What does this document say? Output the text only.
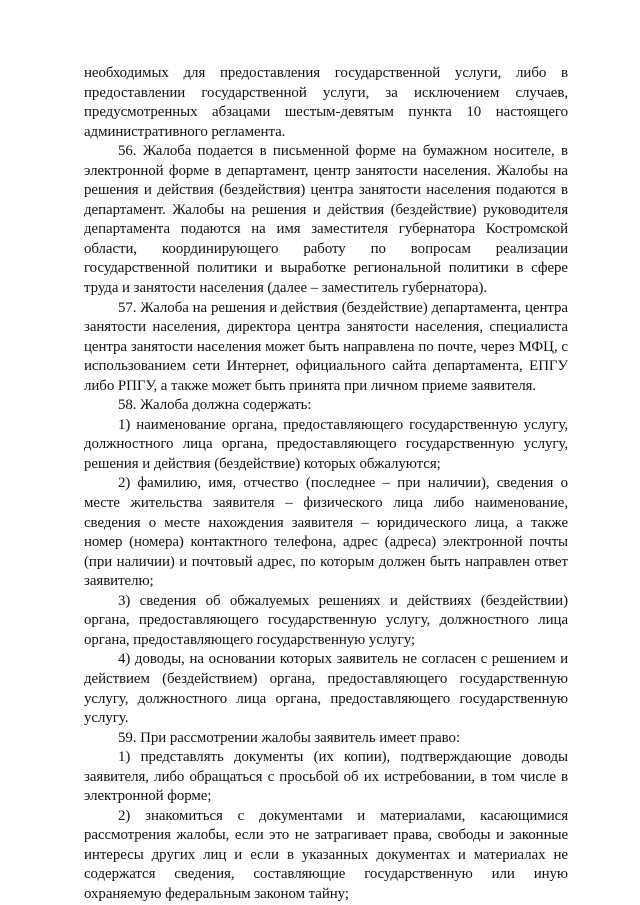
необходимых для предоставления государственной услуги, либо в предоставлении государственной услуги, за исключением случаев, предусмотренных абзацами шестым-девятым пункта 10 настоящего административного регламента.

56. Жалоба подается в письменной форме на бумажном носителе, в электронной форме в департамент, центр занятости населения. Жалобы на решения и действия (бездействия) центра занятости населения подаются в департамент. Жалобы на решения и действия (бездействие) руководителя департамента подаются на имя заместителя губернатора Костромской области, координирующего работу по вопросам реализации государственной политики и выработке региональной политики в сфере труда и занятости населения (далее – заместитель губернатора).

57. Жалоба на решения и действия (бездействие) департамента, центра занятости населения, директора центра занятости населения, специалиста центра занятости населения может быть направлена по почте, через МФЦ, с использованием сети Интернет, официального сайта департамента, ЕПГУ либо РПГУ, а также может быть принята при личном приеме заявителя.

58. Жалоба должна содержать:

1) наименование органа, предоставляющего государственную услугу, должностного лица органа, предоставляющего государственную услугу, решения и действия (бездействие) которых обжалуются;

2) фамилию, имя, отчество (последнее – при наличии), сведения о месте жительства заявителя – физического лица либо наименование, сведения о месте нахождения заявителя – юридического лица, а также номер (номера) контактного телефона, адрес (адреса) электронной почты (при наличии) и почтовый адрес, по которым должен быть направлен ответ заявителю;

3) сведения об обжалуемых решениях и действиях (бездействии) органа, предоставляющего государственную услугу, должностного лица органа, предоставляющего государственную услугу;

4) доводы, на основании которых заявитель не согласен с решением и действием (бездействием) органа, предоставляющего государственную услугу, должностного лица органа, предоставляющего государственную услугу.

59. При рассмотрении жалобы заявитель имеет право:

1) представлять документы (их копии), подтверждающие доводы заявителя, либо обращаться с просьбой об их истребовании, в том числе в электронной форме;

2) знакомиться с документами и материалами, касающимися рассмотрения жалобы, если это не затрагивает права, свободы и законные интересы других лиц и если в указанных документах и материалах не содержатся сведения, составляющие государственную или иную охраняемую федеральным законом тайну;
